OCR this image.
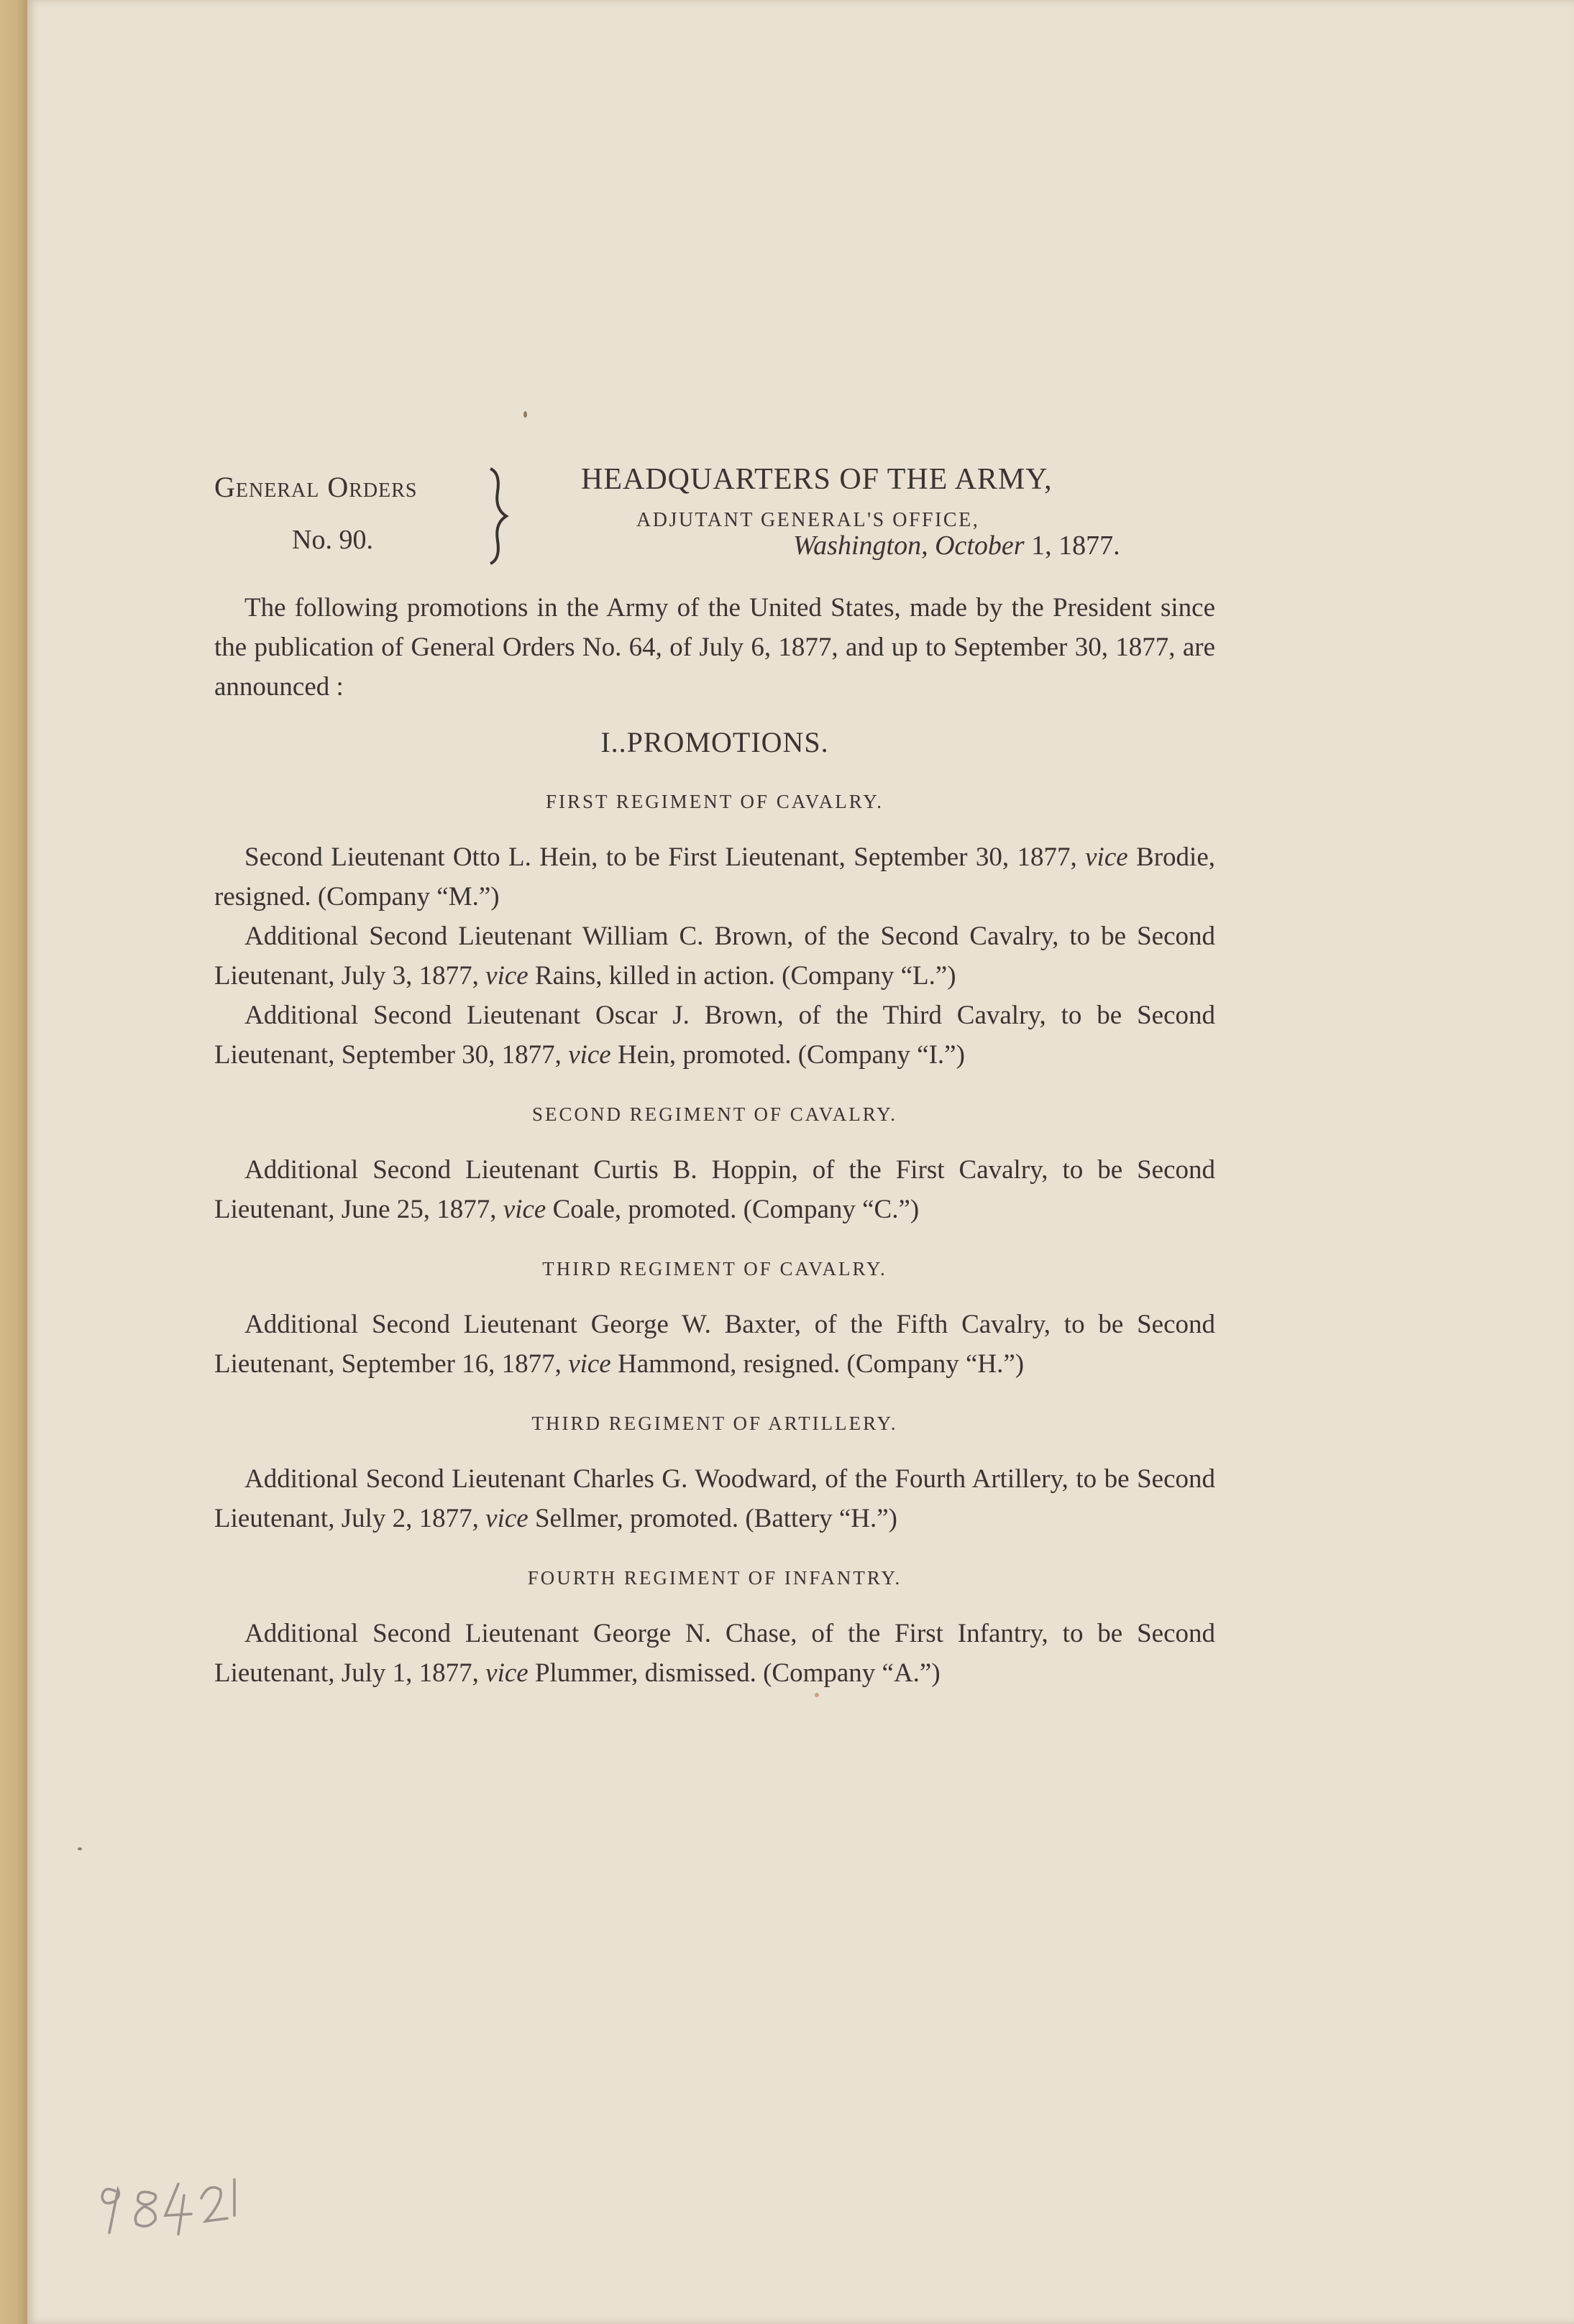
General Orders
No. 90.
HEADQUARTERS OF THE ARMY,
ADJUTANT GENERAL'S OFFICE,
Washington, October 1, 1877.

The following promotions in the Army of the United States, made by the President since the publication of General Orders No. 64, of July 6, 1877, and up to September 30, 1877, are announced :

I..PROMOTIONS.
FIRST REGIMENT OF CAVALRY.

Second Lieutenant Otto L. Hein, to be First Lieutenant, September 30, 1877, vice Brodie, resigned. (Company “M.”)

Additional Second Lieutenant William C. Brown, of the Second Cavalry, to be Second Lieutenant, July 3, 1877, vice Rains, killed in action. (Company “L.”)

Additional Second Lieutenant Oscar J. Brown, of the Third Cavalry, to be Second Lieutenant, September 30, 1877, vice Hein, promoted. (Company “I.”)

SECOND REGIMENT OF CAVALRY.

Additional Second Lieutenant Curtis B. Hoppin, of the First Cavalry, to be Second Lieutenant, June 25, 1877, vice Coale, promoted. (Company “C.”)

THIRD REGIMENT OF CAVALRY.

Additional Second Lieutenant George W. Baxter, of the Fifth Cavalry, to be Second Lieutenant, September 16, 1877, vice Hammond, resigned. (Company “H.”)

THIRD REGIMENT OF ARTILLERY.

Additional Second Lieutenant Charles G. Woodward, of the Fourth Artillery, to be Second Lieutenant, July 2, 1877, vice Sellmer, promoted. (Battery “H.”)

FOURTH REGIMENT OF INFANTRY.

Additional Second Lieutenant George N. Chase, of the First Infantry, to be Second Lieutenant, July 1, 1877, vice Plummer, dismissed. (Company “A.”)
